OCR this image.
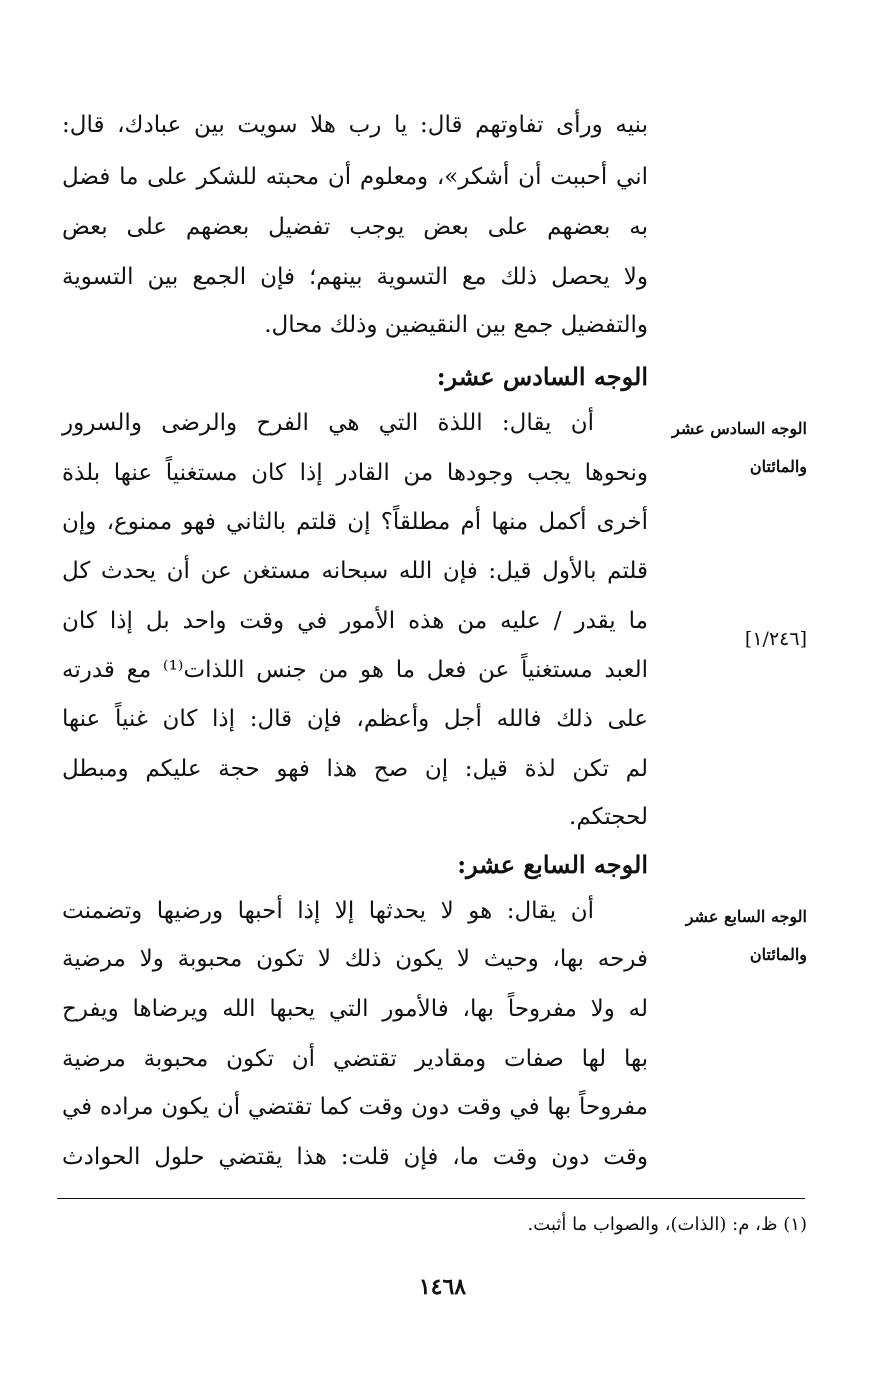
بنيه ورأى تفاوتهم قال: يا رب هلا سويت بين عبادك، قال:
اني أحببت أن أشكر»، ومعلوم أن محبته للشكر على ما فضل
به بعضهم على بعض يوجب تفضيل بعضهم على بعض
ولا يحصل ذلك مع التسوية بينهم؛ فإن الجمع بين التسوية
والتفضيل جمع بين النقيضين وذلك محال.
الوجه السادس عشر:
أن يقال: اللذة التي هي الفرح والرضى والسرور
ونحوها يجب وجودها من القادر إذا كان مستغنياً عنها بلذة
أخرى أكمل منها أم مطلقاً؟ إن قلتم بالثاني فهو ممنوع، وإن
قلتم بالأول قيل: فإن الله سبحانه مستغن عن أن يحدث كل
ما يقدر / عليه من هذه الأمور في وقت واحد بل إذا كان
العبد مستغنياً عن فعل ما هو من جنس اللذات⁽¹⁾ مع قدرته
على ذلك فالله أجل وأعظم، فإن قال: إذا كان غنياً عنها
لم تكن لذة قيل: إن صح هذا فهو حجة عليكم ومبطل
لحجتكم.
الوجه السابع عشر:
أن يقال: هو لا يحدثها إلا إذا أحبها ورضيها وتضمنت
فرحه بها، وحيث لا يكون ذلك لا تكون محبوبة ولا مرضية
له ولا مفروحاً بها، فالأمور التي يحبها الله ويرضاها ويفرح
بها لها صفات ومقادير تقتضي أن تكون محبوبة مرضية
مفروحاً بها في وقت دون وقت كما تقتضي أن يكون مراده في
وقت دون وقت ما، فإن قلت: هذا يقتضي حلول الحوادث
الوجه السادس عشر
والمائتان
[١/٢٤٦]
الوجه السابع عشر
والمائتان
(١) ظ، م: (الذات)، والصواب ما أثبت.
١٤٦٨
